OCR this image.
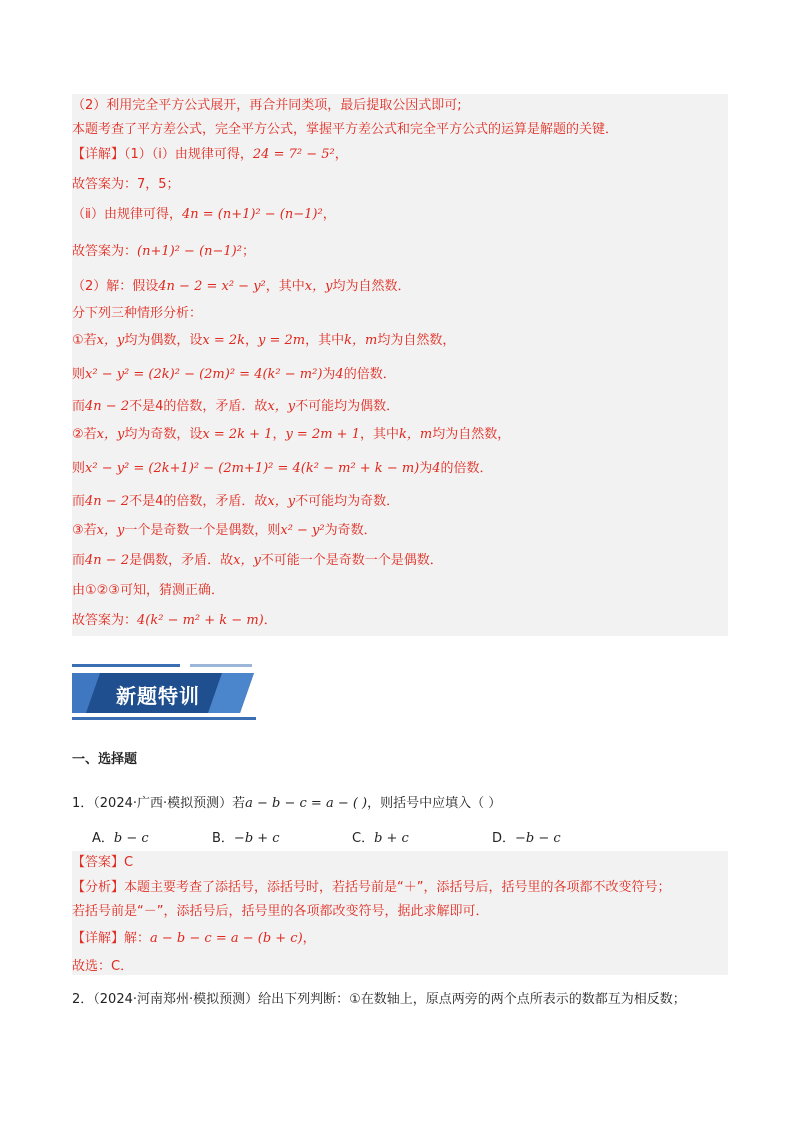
（2）利用完全平方公式展开，再合并同类项，最后提取公因式即可;
本题考查了平方差公式，完全平方公式，掌握平方差公式和完全平方公式的运算是解题的关键．
【详解】（1）（ⅰ）由规律可得，24 = 7² − 5²，
故答案为：7，5；
（ⅱ）由规律可得，4n = (n+1)² − (n−1)²，
故答案为：(n+1)² − (n−1)²；
（2）解：假设4n − 2 = x² − y²，其中x，y均为自然数．
分下列三种情形分析：
①若x，y均为偶数，设x = 2k，y = 2m，其中k，m均为自然数，
则x² − y² = (2k)² − (2m)² = 4(k² − m²)为4的倍数．
而4n − 2不是4的倍数，矛盾．故x，y不可能均为偶数．
②若x，y均为奇数，设x = 2k + 1，y = 2m + 1，其中k，m均为自然数，
则x² − y² = (2k+1)² − (2m+1)² = 4(k² − m² + k − m)为4的倍数．
而4n − 2不是4的倍数，矛盾．故x，y不可能均为奇数．
③若x，y一个是奇数一个是偶数，则x² − y²为奇数．
而4n − 2是偶数，矛盾．故x，y不可能一个是奇数一个是偶数．
由①②③可知，猜测正确．
故答案为：4(k² − m² + k − m)．
新题特训
一、选择题
1．（2024·广西·模拟预测）若a − b − c = a − ( )，则括号中应填入（ ）
A．b − c	B．−b + c	C．b + c	D．−b − c
【答案】C
【分析】本题主要考查了添括号，添括号时，若括号前是“＋”，添括号后，括号里的各项都不改变符号；
若括号前是“－”，添括号后，括号里的各项都改变符号，据此求解即可．
【详解】解：a − b − c = a − (b + c)，
故选：C．
2．（2024·河南郑州·模拟预测）给出下列判断：①在数轴上，原点两旁的两个点所表示的数都互为相反数；
